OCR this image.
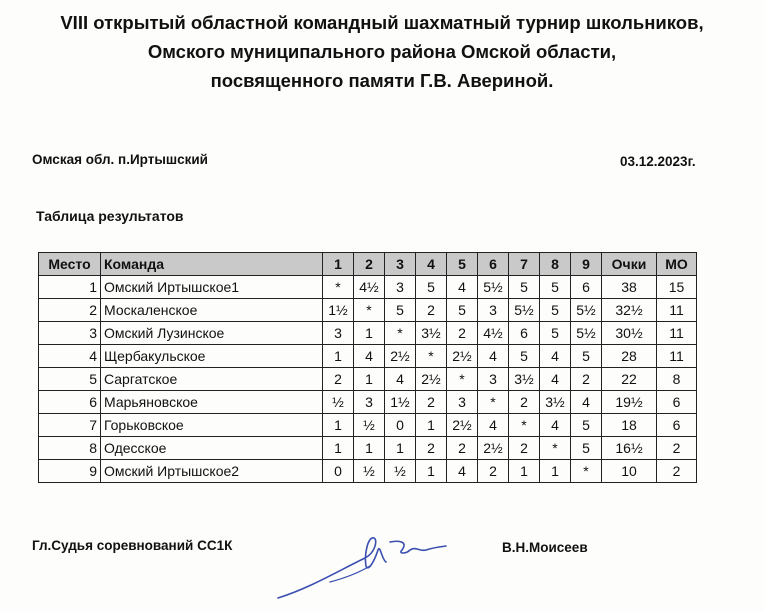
VIII открытый областной командный шахматный турнир школьников,
Омского муниципального района Омской области,
посвященного памяти Г.В. Авериной.
Омская обл. п.Иртышский	03.12.2023г.
Таблица результатов
Место	Команда	1	2	3	4	5	6	7	8	9	Очки	МО
1	Омский Иртышское1	*	4½	3	5	4	5½	5	5	6	38	15
2	Москаленское	1½	*	5	2	5	3	5½	5	5½	32½	11
3	Омский Лузинское	3	1	*	3½	2	4½	6	5	5½	30½	11
4	Щербакульское	1	4	2½	*	2½	4	5	4	5	28	11
5	Саргатское	2	1	4	2½	*	3	3½	4	2	22	8
6	Марьяновское	½	3	1½	2	3	*	2	3½	4	19½	6
7	Горьковское	1	½	0	1	2½	4	*	4	5	18	6
8	Одесское	1	1	1	2	2	2½	2	*	5	16½	2
9	Омский Иртышское2	0	½	½	1	4	2	1	1	*	10	2
Гл.Судья соревнований СС1К	В.Н.Моисеев
